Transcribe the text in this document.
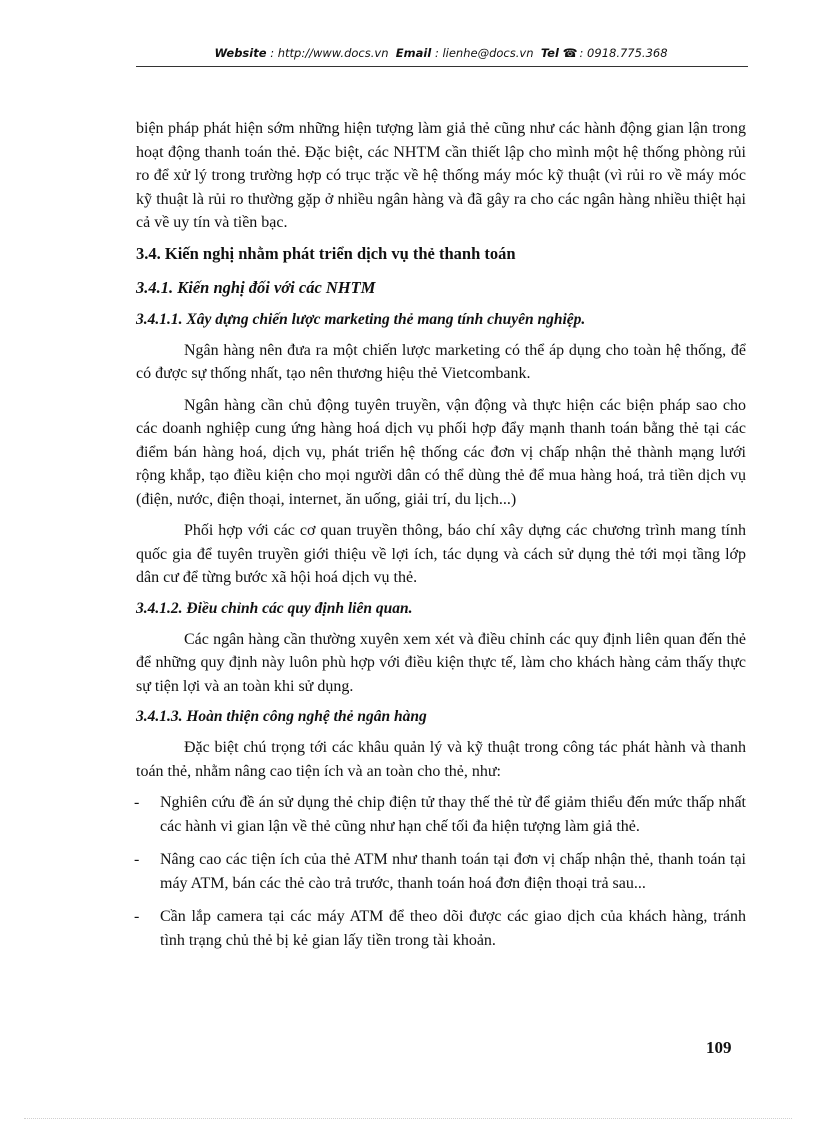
Website : http://www.docs.vn Email : lienhe@docs.vn Tel ☎ : 0918.775.368

biện pháp phát hiện sớm những hiện tượng làm giả thẻ cũng như các hành động gian lận trong hoạt động thanh toán thẻ. Đặc biệt, các NHTM cần thiết lập cho mình một hệ thống phòng rủi ro để xử lý trong trường hợp có trục trặc về hệ thống máy móc kỹ thuật (vì rủi ro về máy móc kỹ thuật là rủi ro thường gặp ở nhiều ngân hàng và đã gây ra cho các ngân hàng nhiều thiệt hại cả về uy tín và tiền bạc.

3.4. Kiến nghị nhằm phát triển dịch vụ thẻ thanh toán
3.4.1. Kiến nghị đối với các NHTM
3.4.1.1. Xây dựng chiến lược marketing thẻ mang tính chuyên nghiệp.

Ngân hàng nên đưa ra một chiến lược marketing có thể áp dụng cho toàn hệ thống, để có được sự thống nhất, tạo nên thương hiệu thẻ Vietcombank.

Ngân hàng cần chủ động tuyên truyền, vận động và thực hiện các biện pháp sao cho các doanh nghiệp cung ứng hàng hoá dịch vụ phối hợp đẩy mạnh thanh toán bằng thẻ tại các điểm bán hàng hoá, dịch vụ, phát triển hệ thống các đơn vị chấp nhận thẻ thành mạng lưới rộng khắp, tạo điều kiện cho mọi người dân có thể dùng thẻ để mua hàng hoá, trả tiền dịch vụ (điện, nước, điện thoại, internet, ăn uống, giải trí, du lịch...)

Phối hợp với các cơ quan truyền thông, báo chí xây dựng các chương trình mang tính quốc gia để tuyên truyền giới thiệu về lợi ích, tác dụng và cách sử dụng thẻ tới mọi tầng lớp dân cư để từng bước xã hội hoá dịch vụ thẻ.

3.4.1.2. Điều chỉnh các quy định liên quan.

Các ngân hàng cần thường xuyên xem xét và điều chỉnh các quy định liên quan đến thẻ để những quy định này luôn phù hợp với điều kiện thực tế, làm cho khách hàng cảm thấy thực sự tiện lợi và an toàn khi sử dụng.

3.4.1.3. Hoàn thiện công nghệ thẻ ngân hàng

Đặc biệt chú trọng tới các khâu quản lý và kỹ thuật trong công tác phát hành và thanh toán thẻ, nhằm nâng cao tiện ích và an toàn cho thẻ, như:

- Nghiên cứu đề án sử dụng thẻ chip điện tử thay thế thẻ từ để giảm thiểu đến mức thấp nhất các hành vi gian lận về thẻ cũng như hạn chế tối đa hiện tượng làm giả thẻ.
- Nâng cao các tiện ích của thẻ ATM như thanh toán tại đơn vị chấp nhận thẻ, thanh toán tại máy ATM, bán các thẻ cào trả trước, thanh toán hoá đơn điện thoại trả sau...
- Cần lắp camera tại các máy ATM để theo dõi được các giao dịch của khách hàng, tránh tình trạng chủ thẻ bị kẻ gian lấy tiền trong tài khoản.
109
